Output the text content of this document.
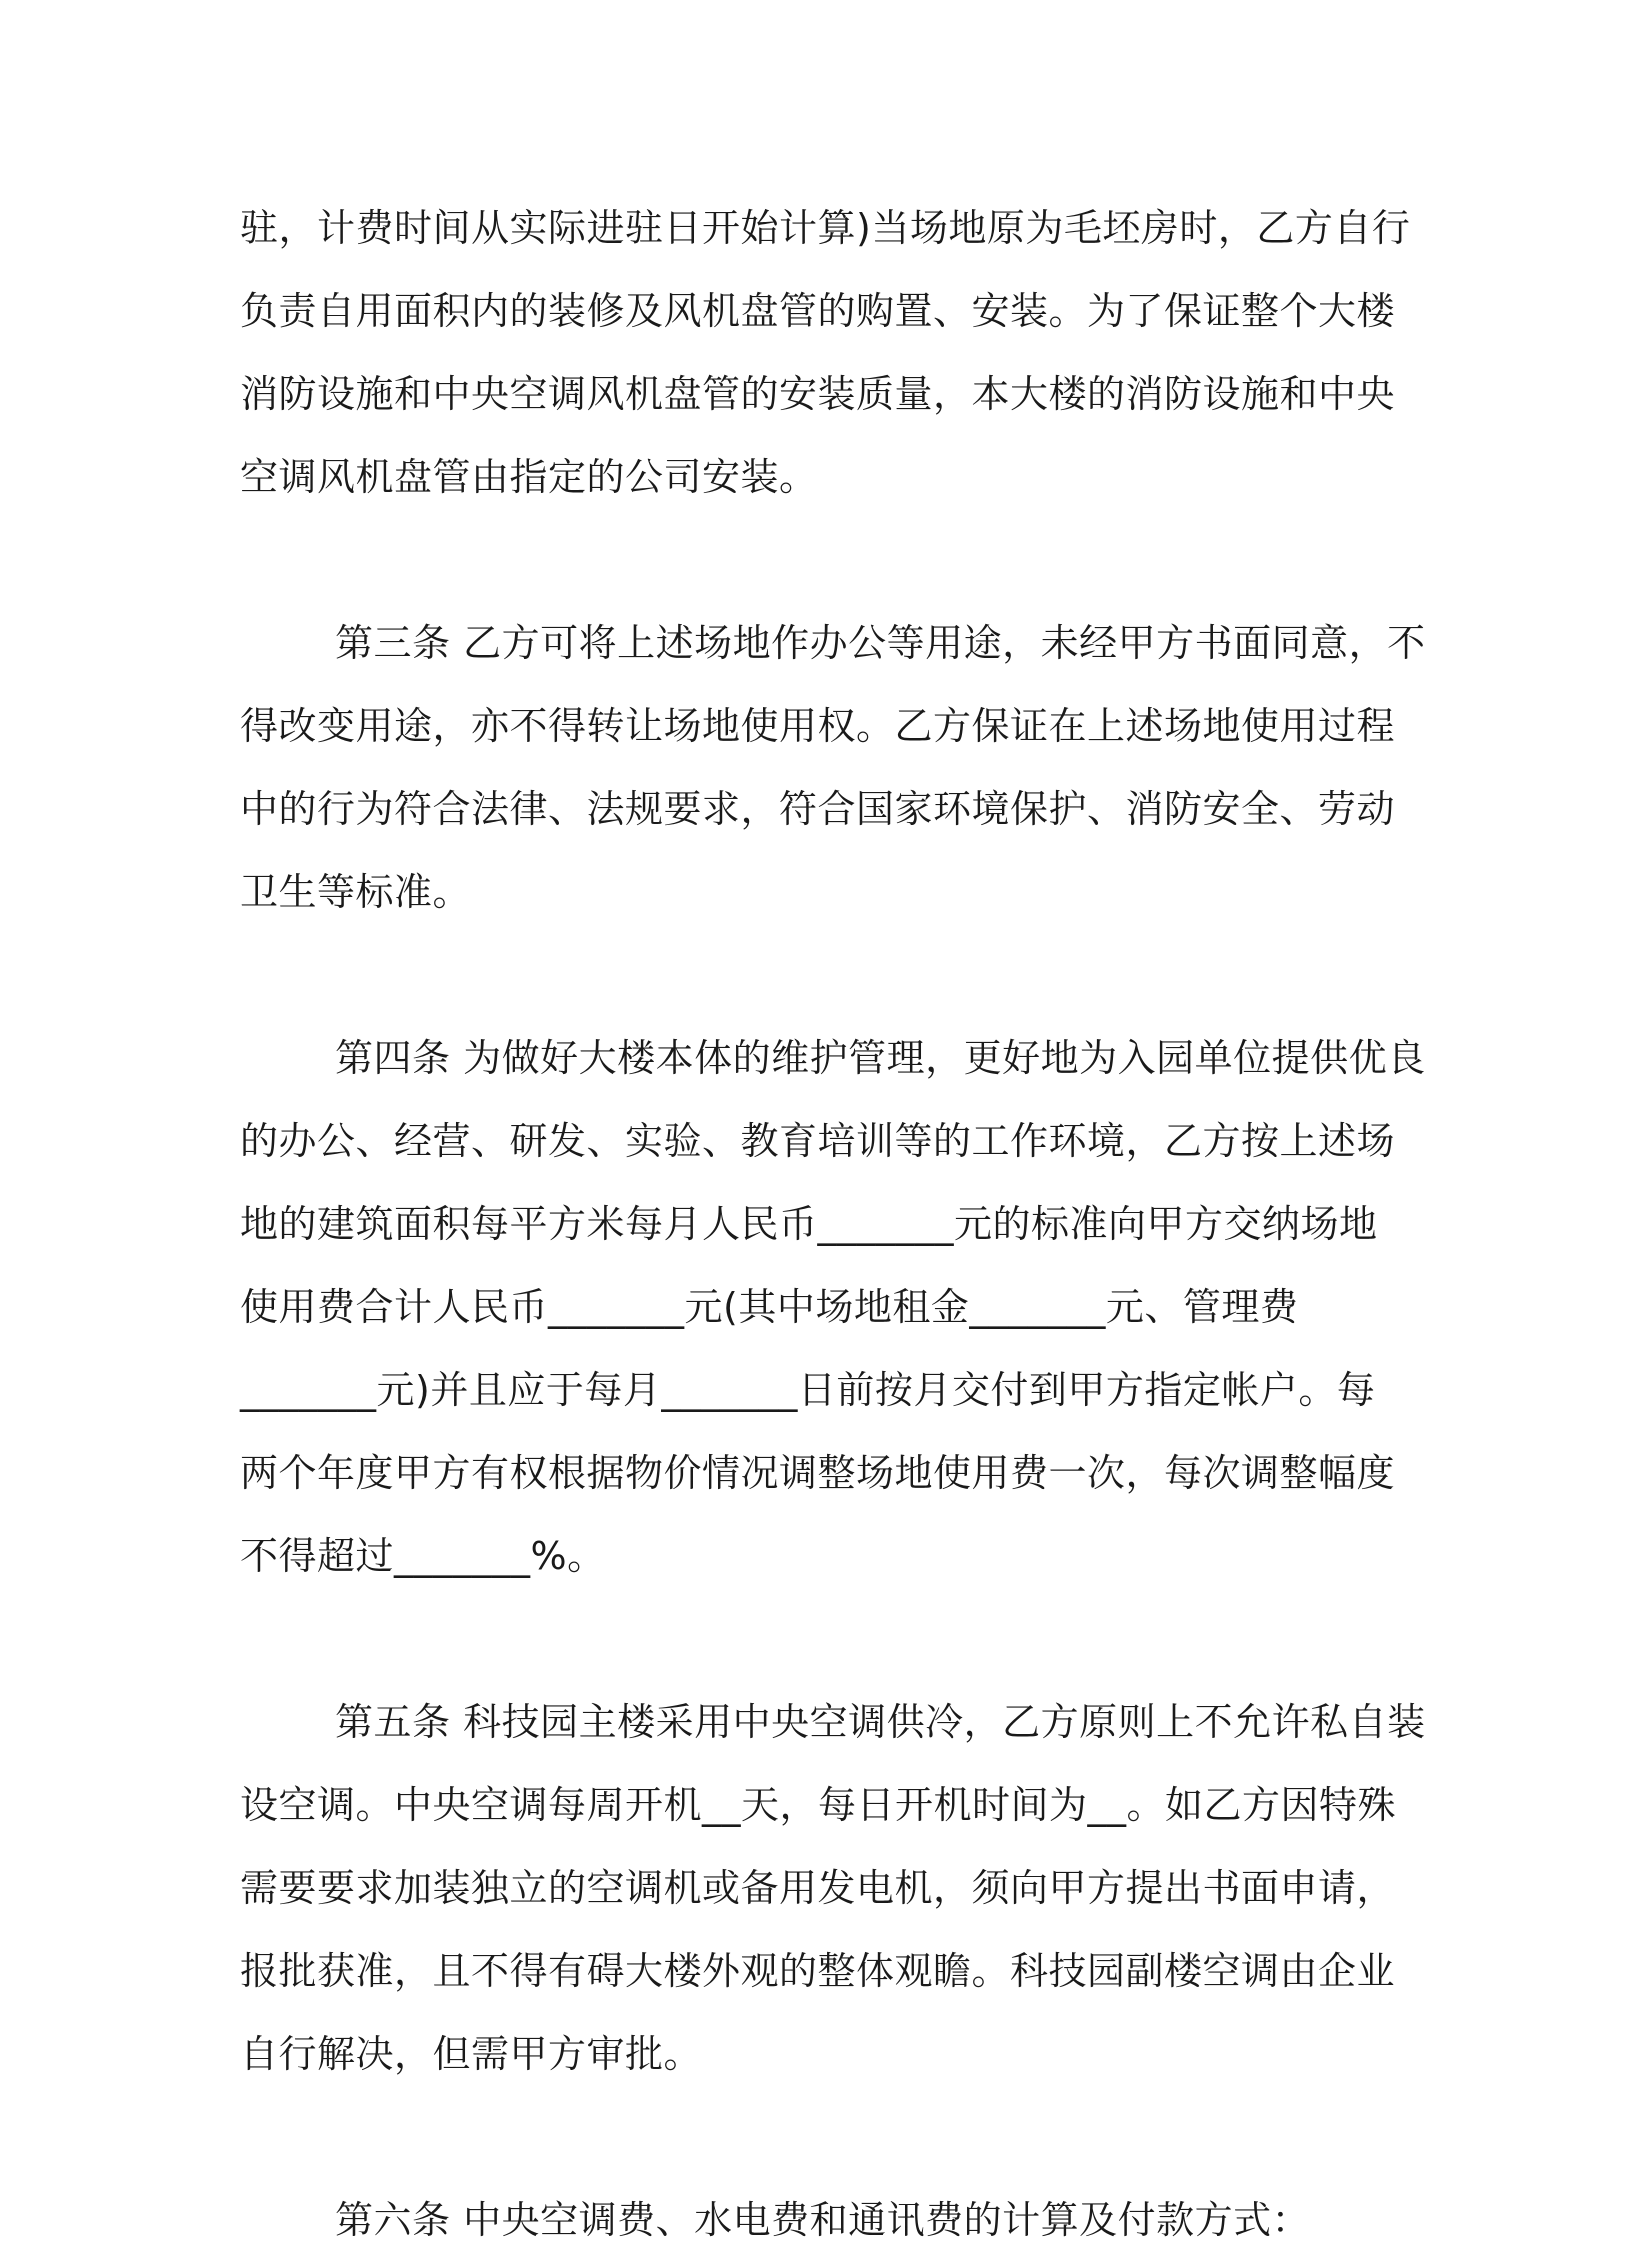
驻，计费时间从实际进驻日开始计算)当场地原为毛坯房时，乙方自行
负责自用面积内的装修及风机盘管的购置、安装。为了保证整个大楼
消防设施和中央空调风机盘管的安装质量，本大楼的消防设施和中央
空调风机盘管由指定的公司安装。
第三条 乙方可将上述场地作办公等用途，未经甲方书面同意，不
得改变用途，亦不得转让场地使用权。乙方保证在上述场地使用过程
中的行为符合法律、法规要求，符合国家环境保护、消防安全、劳动
卫生等标准。
第四条 为做好大楼本体的维护管理，更好地为入园单位提供优良
的办公、经营、研发、实验、教育培训等的工作环境，乙方按上述场
地的建筑面积每平方米每月人民币_______元的标准向甲方交纳场地
使用费合计人民币_______元(其中场地租金_______元、管理费
_______元)并且应于每月_______日前按月交付到甲方指定帐户。每
两个年度甲方有权根据物价情况调整场地使用费一次，每次调整幅度
不得超过_______%。
第五条 科技园主楼采用中央空调供冷，乙方原则上不允许私自装
设空调。中央空调每周开机__天，每日开机时间为__。如乙方因特殊
需要要求加装独立的空调机或备用发电机，须向甲方提出书面申请，
报批获准，且不得有碍大楼外观的整体观瞻。科技园副楼空调由企业
自行解决，但需甲方审批。
第六条 中央空调费、水电费和通讯费的计算及付款方式：
